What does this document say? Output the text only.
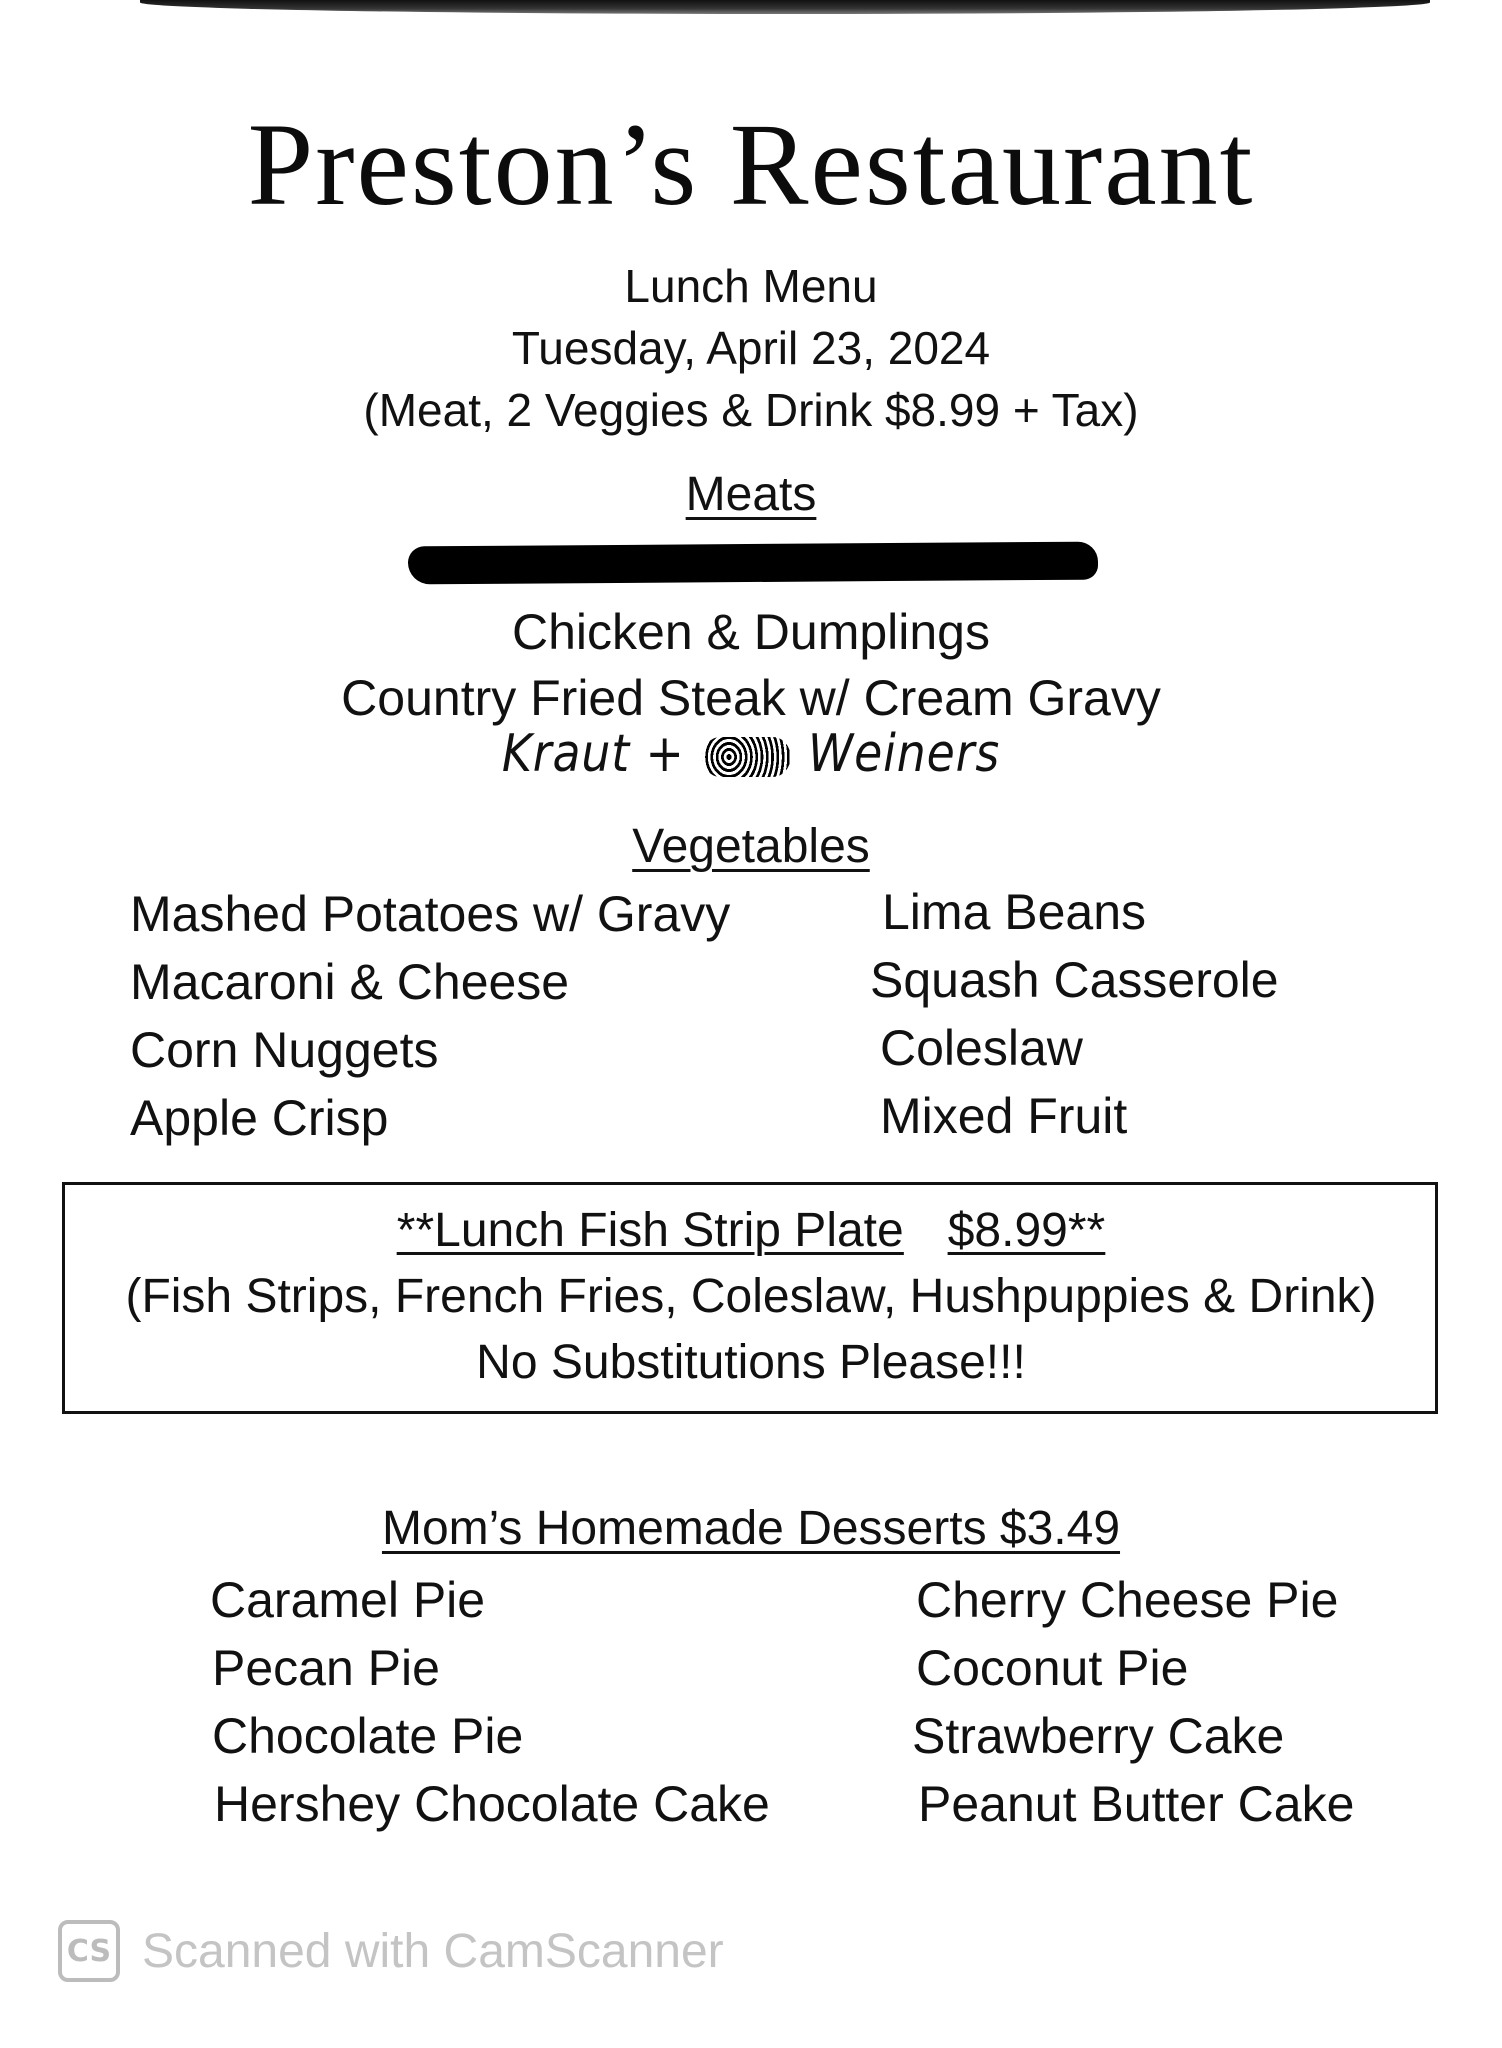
Preston’s Restaurant
Lunch Menu
Tuesday, April 23, 2024
(Meat, 2 Veggies & Drink $8.99 + Tax)
Meats
Chicken & Dumplings
Country Fried Steak w/ Cream Gravy
Kraut + Weiners
Vegetables
Mashed Potatoes w/ Gravy
Macaroni & Cheese
Corn Nuggets
Apple Crisp
Lima Beans
Squash Casserole
Coleslaw
Mixed Fruit
**Lunch Fish Strip Plate $8.99**
(Fish Strips, French Fries, Coleslaw, Hushpuppies & Drink)
No Substitutions Please!!!
Mom’s Homemade Desserts $3.49
Caramel Pie
Pecan Pie
Chocolate Pie
Hershey Chocolate Cake
Cherry Cheese Pie
Coconut Pie
Strawberry Cake
Peanut Butter Cake
CS Scanned with CamScanner
